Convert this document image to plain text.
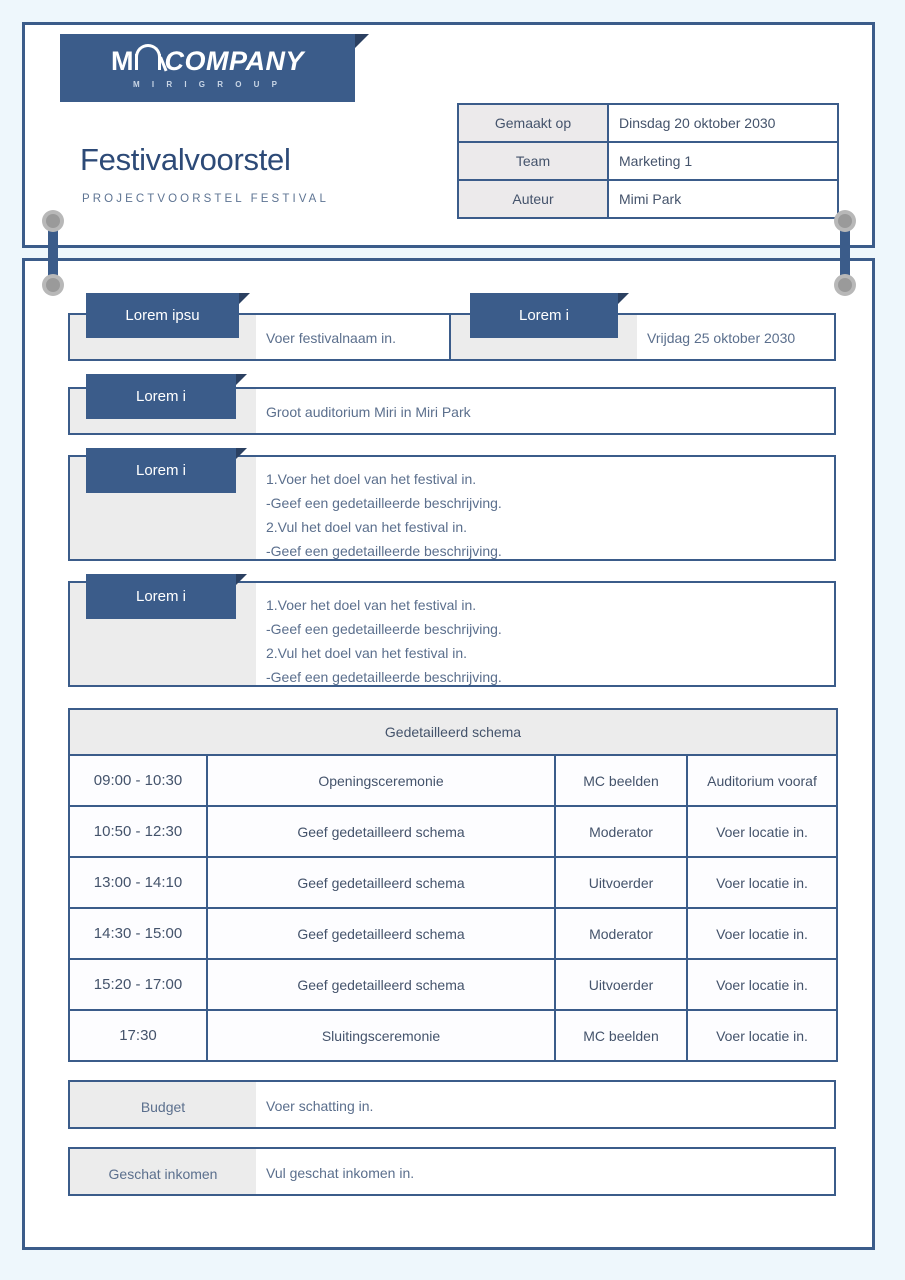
M COMPANY
M I R I G R O U P
Festivalvoorstel
PROJECTVOORSTEL FESTIVAL
Gemaakt op	Dinsdag 20 oktober 2030
Team	Marketing 1
Auteur	Mimi Park
Voer festivalnaam in.
Lorem ipsu
Vrijdag 25 oktober 2030
Lorem i
Groot auditorium Miri in Miri Park
Lorem i
1.Voer het doel van het festival in.
-Geef een gedetailleerde beschrijving.
2.Vul het doel van het festival in.
-Geef een gedetailleerde beschrijving.
Lorem i
1.Voer het doel van het festival in.
-Geef een gedetailleerde beschrijving.
2.Vul het doel van het festival in.
-Geef een gedetailleerde beschrijving.
Lorem i
Gedetailleerd schema			
09:00 - 10:30	Openingsceremonie	MC beelden	Auditorium vooraf
10:50 - 12:30	Geef gedetailleerd schema	Moderator	Voer locatie in.
13:00 - 14:10	Geef gedetailleerd schema	Uitvoerder	Voer locatie in.
14:30 - 15:00	Geef gedetailleerd schema	Moderator	Voer locatie in.
15:20 - 17:00	Geef gedetailleerd schema	Uitvoerder	Voer locatie in.
17:30	Sluitingsceremonie	MC beelden	Voer locatie in.
Budget	Voer schatting in.
Geschat inkomen	Vul geschat inkomen in.
